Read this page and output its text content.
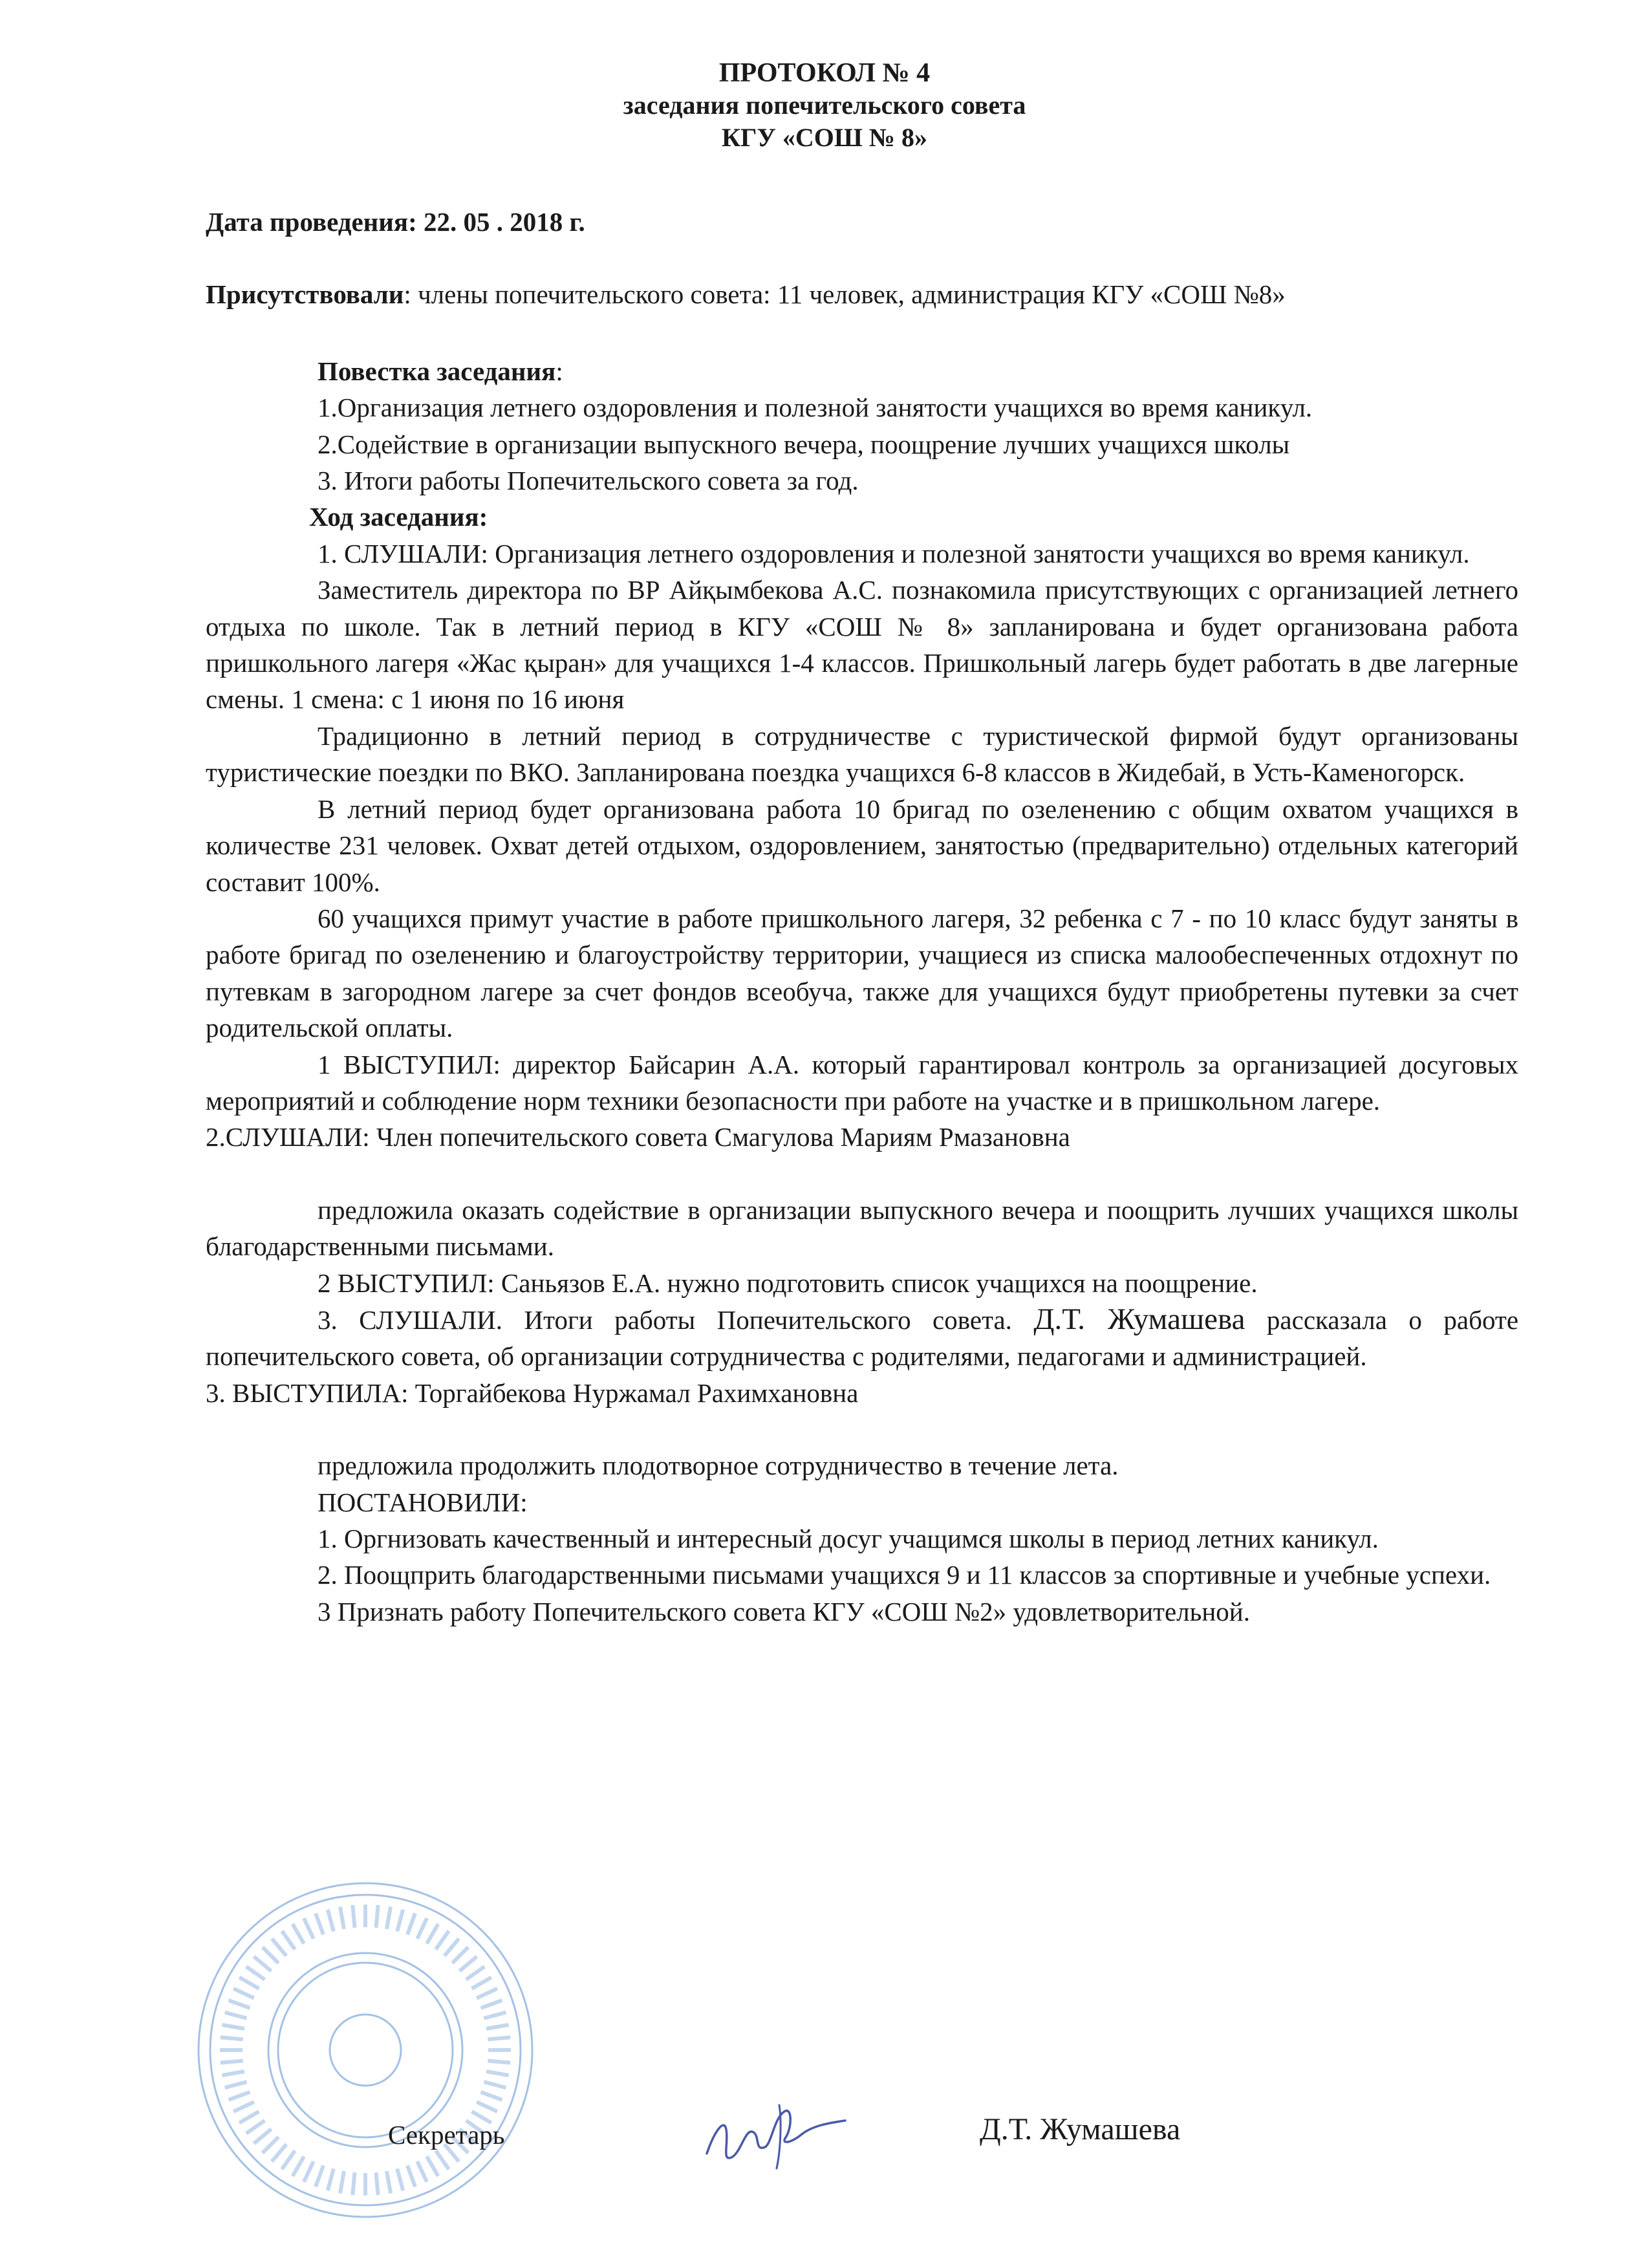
ПРОТОКОЛ № 4
заседания попечительского совета
КГУ «СОШ № 8»

Дата проведения: 22. 05 . 2018 г.

Присутствовали: члены попечительского совета: 11 человек, администрация КГУ «СОШ №8»

Повестка заседания:

1.Организация летнего оздоровления и полезной занятости учащихся во время каникул.

2.Содействие в организации выпускного вечера, поощрение лучших учащихся школы

3. Итоги работы Попечительского совета за год.

Ход заседания:

1. СЛУШАЛИ: Организация летнего оздоровления и полезной занятости учащихся во время каникул.

Заместитель директора по ВР Айқымбекова А.С. познакомила присутствующих с организацией летнего отдыха по школе. Так в летний период в КГУ «СОШ № 8» запланирована и будет организована работа пришкольного лагеря «Жас қыран» для учащихся 1-4 классов. Пришкольный лагерь будет работать в две лагерные смены. 1 смена: с 1 июня по 16 июня

Традиционно в летний период в сотрудничестве с туристической фирмой будут организованы туристические поездки по ВКО. Запланирована поездка учащихся 6-8 классов в Жидебай, в Усть-Каменогорск.

В летний период будет организована работа 10 бригад по озеленению с общим охватом учащихся в количестве 231 человек. Охват детей отдыхом, оздоровлением, занятостью (предварительно) отдельных категорий составит 100%.

60 учащихся примут участие в работе пришкольного лагеря, 32 ребенка с 7 - по 10 класс будут заняты в работе бригад по озеленению и благоустройству территории, учащиеся из списка малообеспеченных отдохнут по путевкам в загородном лагере за счет фондов всеобуча, также для учащихся будут приобретены путевки за счет родительской оплаты.

1 ВЫСТУПИЛ: директор Байсарин А.А. который гарантировал контроль за организацией досуговых мероприятий и соблюдение норм техники безопасности при работе на участке и в пришкольном лагере.

2.СЛУШАЛИ: Член попечительского совета Смагулова Мариям Рмазановна

предложила оказать содействие в организации выпускного вечера и поощрить лучших учащихся школы благодарственными письмами.

2 ВЫСТУПИЛ: Саньязов Е.А. нужно подготовить список учащихся на поощрение.

3. СЛУШАЛИ. Итоги работы Попечительского совета. Д.Т. Жумашева рассказала о работе попечительского совета, об организации сотрудничества с родителями, педагогами и администрацией.

3. ВЫСТУПИЛА: Торгайбекова Нуржамал Рахимхановна

предложила продолжить плодотворное сотрудничество в течение лета.

ПОСТАНОВИЛИ:

1. Оргнизовать качественный и интересный досуг учащимся школы в период летних каникул.

2. Поощприть благодарственными письмами учащихся 9 и 11 классов за спортивные и учебные успехи.

3 Признать работу Попечительского совета КГУ «СОШ №2» удовлетворительной.

Секретарь	Д.Т. Жумашева
